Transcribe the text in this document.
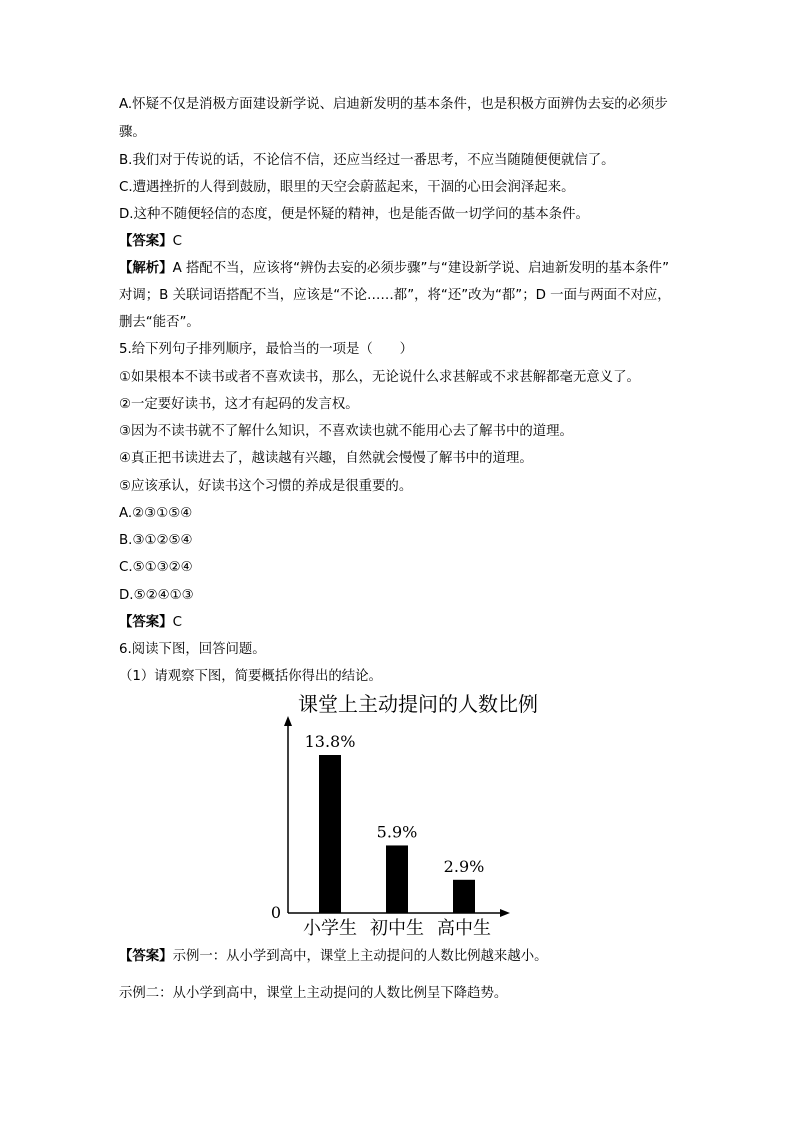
A.怀疑不仅是消极方面建设新学说、启迪新发明的基本条件，也是积极方面辨伪去妄的必须步
骤。
B.我们对于传说的话，不论信不信，还应当经过一番思考，不应当随随便便就信了。
C.遭遇挫折的人得到鼓励，眼里的天空会蔚蓝起来，干涸的心田会润泽起来。
D.这种不随便轻信的态度，便是怀疑的精神，也是能否做一切学问的基本条件。
【答案】C
【解析】A 搭配不当，应该将“辨伪去妄的必须步骤”与“建设新学说、启迪新发明的基本条件”
对调；B 关联词语搭配不当，应该是“不论……都”，将“还”改为“都”；D 一面与两面不对应，
删去“能否”。
5.给下列句子排列顺序，最恰当的一项是（　　）
①如果根本不读书或者不喜欢读书，那么，无论说什么求甚解或不求甚解都毫无意义了。
②一定要好读书，这才有起码的发言权。
③因为不读书就不了解什么知识，不喜欢读也就不能用心去了解书中的道理。
④真正把书读进去了，越读越有兴趣，自然就会慢慢了解书中的道理。
⑤应该承认，好读书这个习惯的养成是很重要的。
A.②③①⑤④
B.③①②⑤④
C.⑤①③②④
D.⑤②④①③
【答案】C
6.阅读下图，回答问题。
（1）请观察下图，简要概括你得出的结论。
课堂上主动提问的人数比例
0
13.8%
小学生
5.9%
初中生
2.9%
高中生
【答案】示例一：从小学到高中，课堂上主动提问的人数比例越来越小。
示例二：从小学到高中，课堂上主动提问的人数比例呈下降趋势。
